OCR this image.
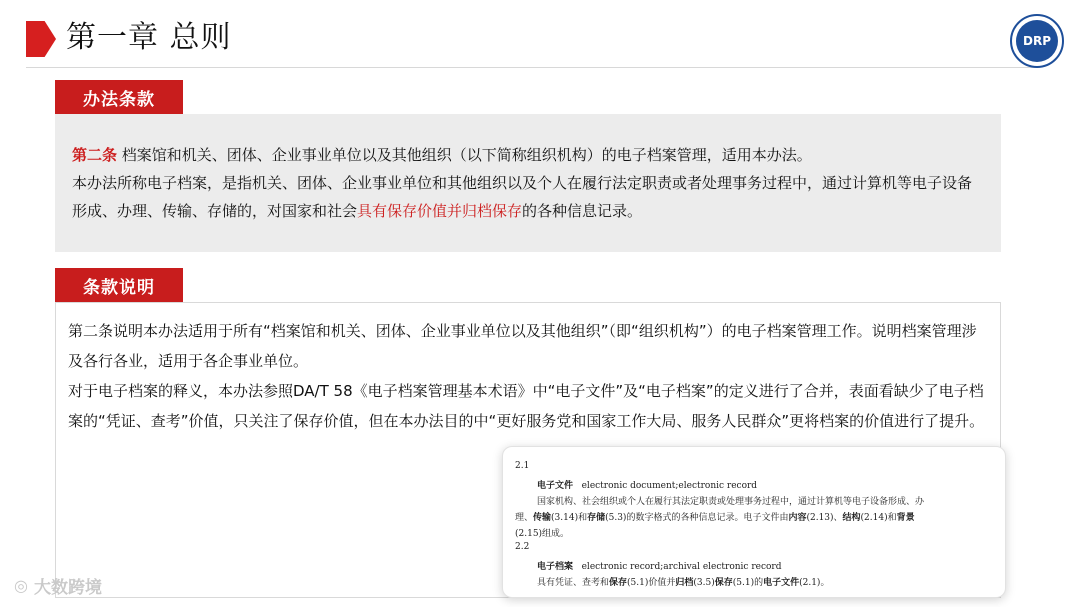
第一章 总则	DRP
办法条款
第二条 档案馆和机关、团体、企业事业单位以及其他组织（以下简称组织机构）的电子档案管理，适用本办法。
本办法所称电子档案，是指机关、团体、企业事业单位和其他组织以及个人在履行法定职责或者处理事务过程中，通过计算机等电子设备形成、办理、传输、存储的，对国家和社会具有保存价值并归档保存的各种信息记录。
条款说明

第二条说明本办法适用于所有“档案馆和机关、团体、企业事业单位以及其他组织”（即“组织机构”）的电子档案管理工作。说明档案管理涉及各行各业，适用于各企事业单位。

对于电子档案的释义，本办法参照DA/T 58《电子档案管理基本术语》中“电子文件”及“电子档案”的定义进行了合并，表面看缺少了电子档案的“凭证、查考”价值，只关注了保存价值，但在本办法目的中“更好服务党和国家工作大局、服务人民群众”更将档案的价值进行了提升。

2.1
电子文件 electronic document;electronic record
国家机构、社会组织或个人在履行其法定职责或处理事务过程中，通过计算机等电子设备形成、办
理、传输(3.14)和存储(5.3)的数字格式的各种信息记录。电子文件由内容(2.13)、结构(2.14)和背景
(2.15)组成。
2.2
电子档案 electronic record;archival electronic record
具有凭证、查考和保存(5.1)价值并归档(3.5)保存(5.1)的电子文件(2.1)。
◎ 大数跨境
